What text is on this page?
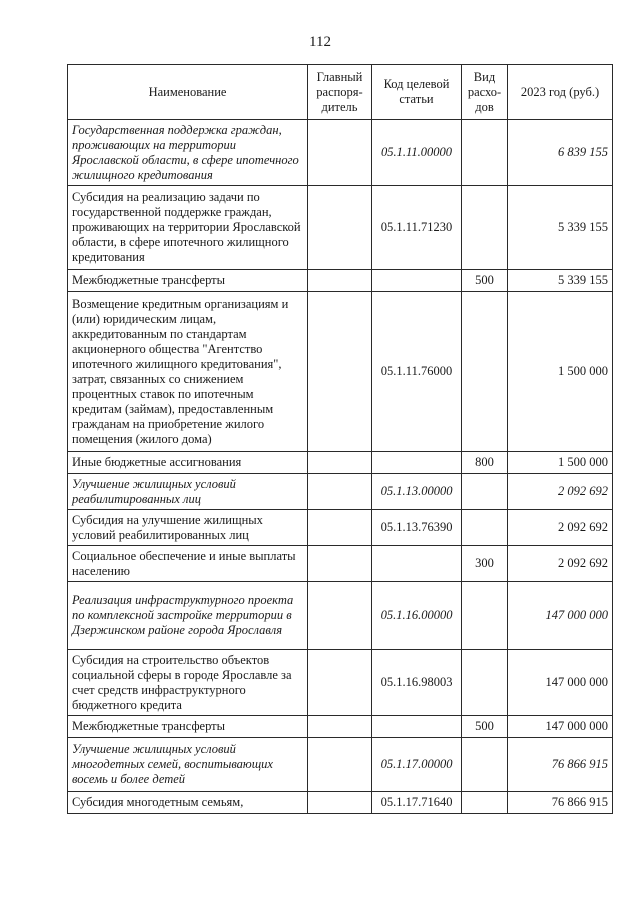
112
Наименование	Главный распоря-дитель	Код целевой статьи	Вид расхо-дов	2023 год (руб.)
Государственная поддержка граждан, проживающих на территории Ярославской области, в сфере ипотечного жилищного кредитования		05.1.11.00000		6 839 155
Субсидия на реализацию задачи по государственной поддержке граждан, проживающих на территории Ярославской области, в сфере ипотечного жилищного кредитования		05.1.11.71230		5 339 155
Межбюджетные трансферты			500	5 339 155
Возмещение кредитным организациям и (или) юридическим лицам, аккредитованным по стандартам акционерного общества "Агентство ипотечного жилищного кредитования", затрат, связанных со снижением процентных ставок по ипотечным кредитам (займам), предоставленным гражданам на приобретение жилого помещения (жилого дома)		05.1.11.76000		1 500 000
Иные бюджетные ассигнования			800	1 500 000
Улучшение жилищных условий реабилитированных лиц		05.1.13.00000		2 092 692
Субсидия на улучшение жилищных условий реабилитированных лиц		05.1.13.76390		2 092 692
Социальное обеспечение и иные выплаты населению			300	2 092 692
Реализация инфраструктурного проекта по комплексной застройке территории в Дзержинском районе города Ярославля		05.1.16.00000		147 000 000
Субсидия на строительство объектов социальной сферы в городе Ярославле за счет средств инфраструктурного бюджетного кредита		05.1.16.98003		147 000 000
Межбюджетные трансферты			500	147 000 000
Улучшение жилищных условий многодетных семей, воспитывающих восемь и более детей		05.1.17.00000		76 866 915
Субсидия многодетным семьям,		05.1.17.71640		76 866 915
